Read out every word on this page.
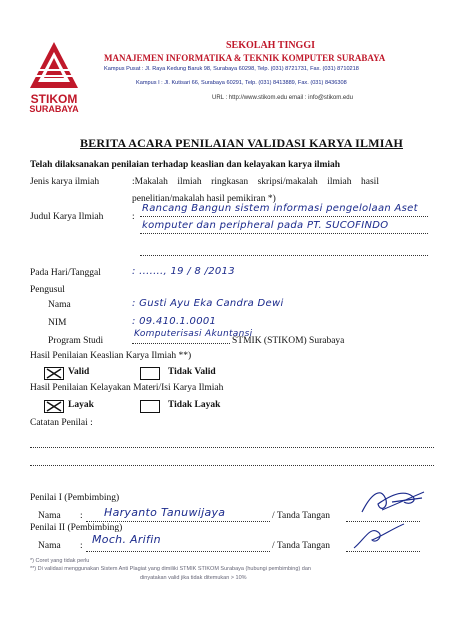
STIKOM
SURABAYA
SEKOLAH TINGGI
MANAJEMEN INFORMATIKA & TEKNIK KOMPUTER SURABAYA
Kampus Pusat : Jl. Raya Kedung Baruk 98, Surabaya 60298, Telp. (031) 8721731, Fax. (031) 8710218
Kampus I : Jl. Kutisari 66, Surabaya 60291, Telp. (031) 8413889, Fax. (031) 8436308
URL : http://www.stikom.edu email : info@stikom.edu
BERITA ACARA PENILAIAN VALIDASI KARYA ILMIAH
Telah dilaksanakan penilaian terhadap keaslian dan kelayakan karya ilmiah
Jenis karya ilmiah	:Makalah    ilmiah    ringkasan    skripsi/makalah    ilmiah    hasil
penelitian/makalah hasil pemikiran *)
Judul Karya Ilmiah	:
Rancang Bangun sistem informasi pengelolaan Aset
komputer dan peripheral pada PT. SUCOFINDO
Pada Hari/Tanggal	: ......., 19 / 8 /2013
Pengusul
Nama	: Gusti Ayu Eka Candra Dewi
NIM	: 09.410.1.0001
Program Studi
Komputerisasi Akuntansi
STMIK (STIKOM) Surabaya
Hasil Penilaian Keaslian Karya Ilmiah **)
Valid	Tidak Valid
Hasil Penilaian Kelayakan Materi/Isi Karya Ilmiah
Layak	Tidak Layak
Catatan Penilai :
Penilai I (Pembimbing)
Nama : Haryanto Tanuwijaya	/ Tanda Tangan
Penilai II (Pembimbing)
Nama : Moch. Arifin	/ Tanda Tangan
*) Coret yang tidak perlu
**) Di validasi menggunakan Sistem Anti Plagiat yang dimiliki STMIK STIKOM Surabaya (hubungi pembimbing) dan
dinyatakan valid jika tidak ditemukan > 10%
